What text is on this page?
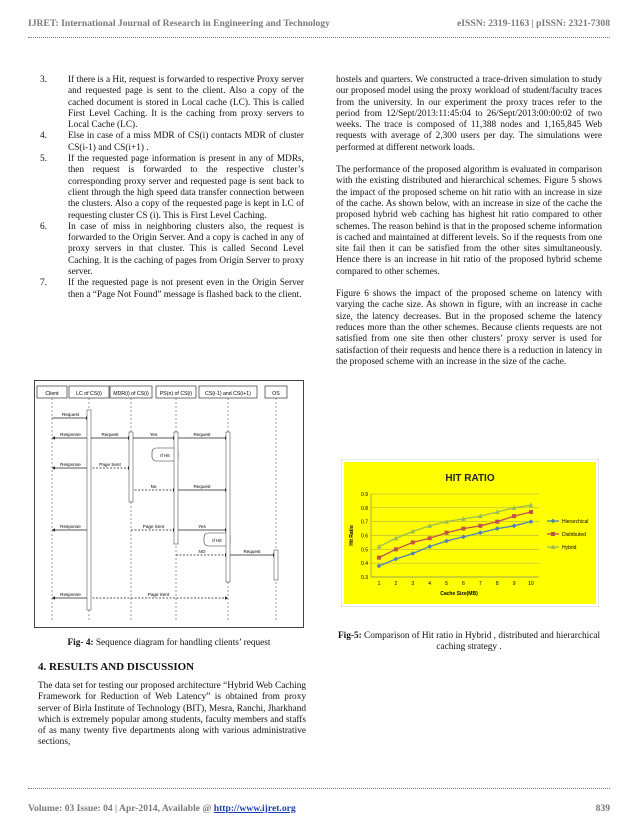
IJRET: International Journal of Research in Engineering and Technology	eISSN: 2319-1163 | pISSN: 2321-7308
3. If there is a Hit, request is forwarded to respective Proxy server and requested page is sent to the client. Also a copy of the cached document is stored in Local cache (LC). This is called First Level Caching. It is the caching from proxy servers to Local Cache (LC).
4. Else in case of a miss MDR of CS(i) contacts MDR of cluster CS(i-1) and CS(i+1) .
5. If the requested page information is present in any of MDRs, then request is forwarded to the respective cluster’s corresponding proxy server and requested page is sent back to client through the high speed data transfer connection between the clusters. Also a copy of the requested page is kept in LC of requesting cluster CS (i). This is First Level Caching.
6. In case of miss in neighboring clusters also, the request is forwarded to the Origin Server. And a copy is cached in any of proxy servers in that cluster. This is called Second Level Caching. It is the caching of pages from Origin Server to proxy server.
7. If the requested page is not present even in the Origin Server then a “Page Not Found” message is flashed back to the client.
Client	LC of CS(i) MDR(i) of CS(i) PS(n) of CS(i)	CS(i-1) and CS(i+1)	OS
Request
Response	Request	Yes	Request
Response	Page Sent
No	Request
Response	Page Sent	Yes
NO	Request
Response	Page Sent
If Hit
If Hit
Fig- 4: Sequence diagram for handling clients’ request
4. RESULTS AND DISCUSSION

The data set for testing our proposed architecture “Hybrid Web Caching Framework for Reduction of Web Latency” is obtained from proxy server of Birla Institute of Technology (BIT), Mesra, Ranchi, Jharkhand which is extremely popular among students, faculty members and staffs of as many twenty five departments along with various administrative sections,

hostels and quarters. We constructed a trace-driven simulation to study our proposed model using the proxy workload of student/faculty traces from the university. In our experiment the proxy traces refer to the period from 12/Sept/2013:11:45:04 to 26/Sept/2013:00:00:02 of two weeks. The trace is composed of 11,388 nodes and 1,165,845 Web requests with average of 2,300 users per day. The simulations were performed at different network loads.

The performance of the proposed algorithm is evaluated in comparison with the existing distributed and hierarchical schemes. Figure 5 shows the impact of the proposed scheme on hit ratio with an increase in size of the cache. As shown below, with an increase in size of the cache the proposed hybrid web caching has highest hit ratio compared to other schemes. The reason behind is that in the proposed scheme information is cached and maintained at different levels. So if the requests from one site fail then it can be satisfied from the other sites simultaneously. Hence there is an increase in hit ratio of the proposed hybrid scheme compared to other schemes.

Figure 6 shows the impact of the proposed scheme on latency with varying the cache size. As shown in figure, with an increase in cache size, the latency decreases. But in the proposed scheme the latency reduces more than the other schemes. Because clients requests are not satisfied from one site then other clusters’ proxy server is used for satisfaction of their requests and hence there is a reduction in latency in the proposed scheme with an increase in the size of the cache.

HIT RATIO
0.3
0.4
0.5
0.6
0.7
0.8
0.9
1	2	3	4	5	6	7	8	9	10
Cache Size(MB)
Hit Ratio
Hierarchical
Distributed
Hybrid
Fig-5: Comparison of Hit ratio in Hybrid , distributed and hierarchical caching strategy .
Volume: 03 Issue: 04 | Apr-2014, Available @ http://www.ijret.org	839
